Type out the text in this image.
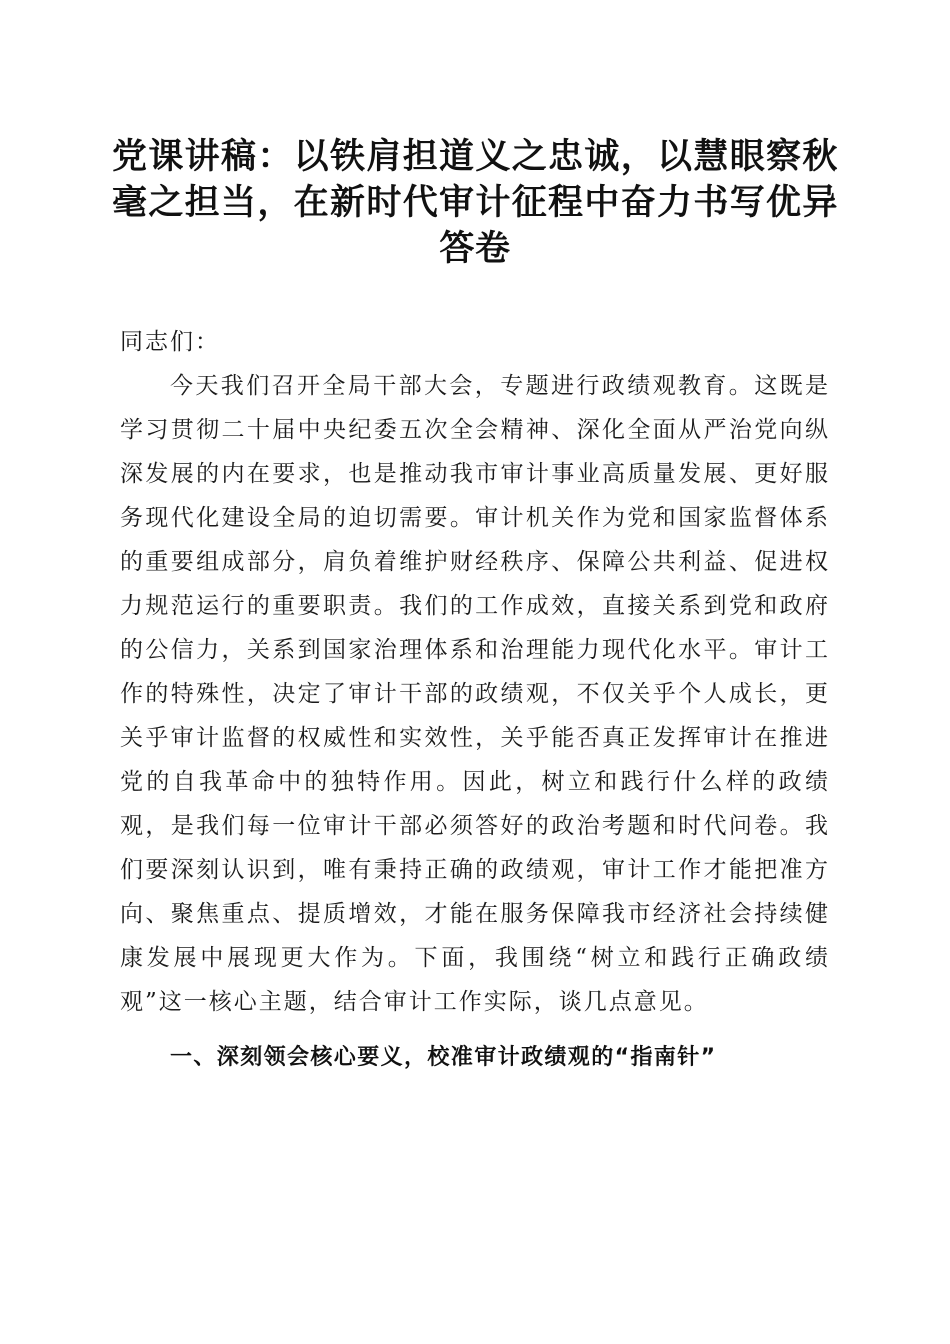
党课讲稿：以铁肩担道义之忠诚，以慧眼察秋毫之担当，在新时代审计征程中奋力书写优异答卷

同志们：

今天我们召开全局干部大会，专题进行政绩观教育。这既是学习贯彻二十届中央纪委五次全会精神、深化全面从严治党向纵深发展的内在要求，也是推动我市审计事业高质量发展、更好服务现代化建设全局的迫切需要。审计机关作为党和国家监督体系的重要组成部分，肩负着维护财经秩序、保障公共利益、促进权力规范运行的重要职责。我们的工作成效，直接关系到党和政府的公信力，关系到国家治理体系和治理能力现代化水平。审计工作的特殊性，决定了审计干部的政绩观，不仅关乎个人成长，更关乎审计监督的权威性和实效性，关乎能否真正发挥审计在推进党的自我革命中的独特作用。因此，树立和践行什么样的政绩观，是我们每一位审计干部必须答好的政治考题和时代问卷。我们要深刻认识到，唯有秉持正确的政绩观，审计工作才能把准方向、聚焦重点、提质增效，才能在服务保障我市经济社会持续健康发展中展现更大作为。下面，我围绕“树立和践行正确政绩观”这一核心主题，结合审计工作实际，谈几点意见。

一、深刻领会核心要义，校准审计政绩观的“指南针”
